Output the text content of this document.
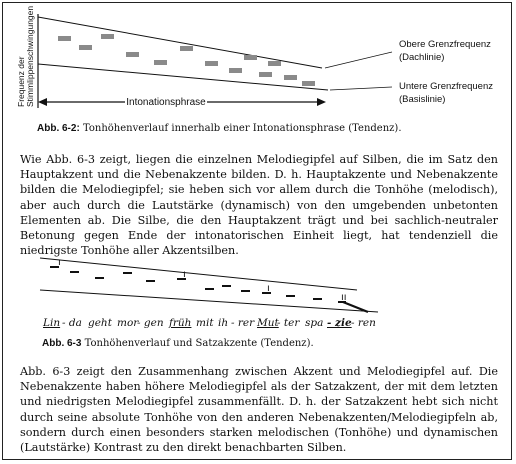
Frequenz der Stimmlippenschwingungen	Intonationsphrase
Obere Grenzfrequenz
(Dachlinie)
Untere Grenzfrequenz
(Basislinie)
Abb. 6-2: Tonhöhenverlauf innerhalb einer Intonationsphrase (Tendenz).
Wie Abb. 6-3 zeigt, liegen die einzelnen Melodiegipfel auf Silben, die im Satz den Hauptakzent und die Nebenakzente bilden. D. h. Hauptakzente und Nebenakzente bilden die Melodiegipfel; sie heben sich vor allem durch die Tonhöhe (melodisch), aber auch durch die Lautstärke (dynamisch) von den umgebenden unbetonten Elementen ab. Die Silbe, die den Hauptakzent trägt und bei sachlich-neutraler Betonung gegen Ende der intonatorischen Einheit liegt, hat tendenziell die niedrigste Tonhöhe aller Akzentsilben.
ı
ı
ı
ıı
Lin - da geht mor
- gen früh mit ih - rer Mut
- ter spa - zie - ren
Abb. 6-3 Tonhöhenverlauf und Satzakzente (Tendenz).
Abb. 6-3 zeigt den Zusammenhang zwischen Akzent und Melodiegipfel auf. Die Nebenakzente haben höhere Melodiegipfel als der Satzakzent, der mit dem letzten und niedrigsten Melodiegipfel zusammenfällt. D. h. der Satzakzent hebt sich nicht durch seine absolute Tonhöhe von den anderen Nebenakzenten/Melodiegipfeln ab, sondern durch einen besonders starken melodischen (Tonhöhe) und dynamischen (Lautstärke) Kontrast zu den direkt benachbarten Silben.
